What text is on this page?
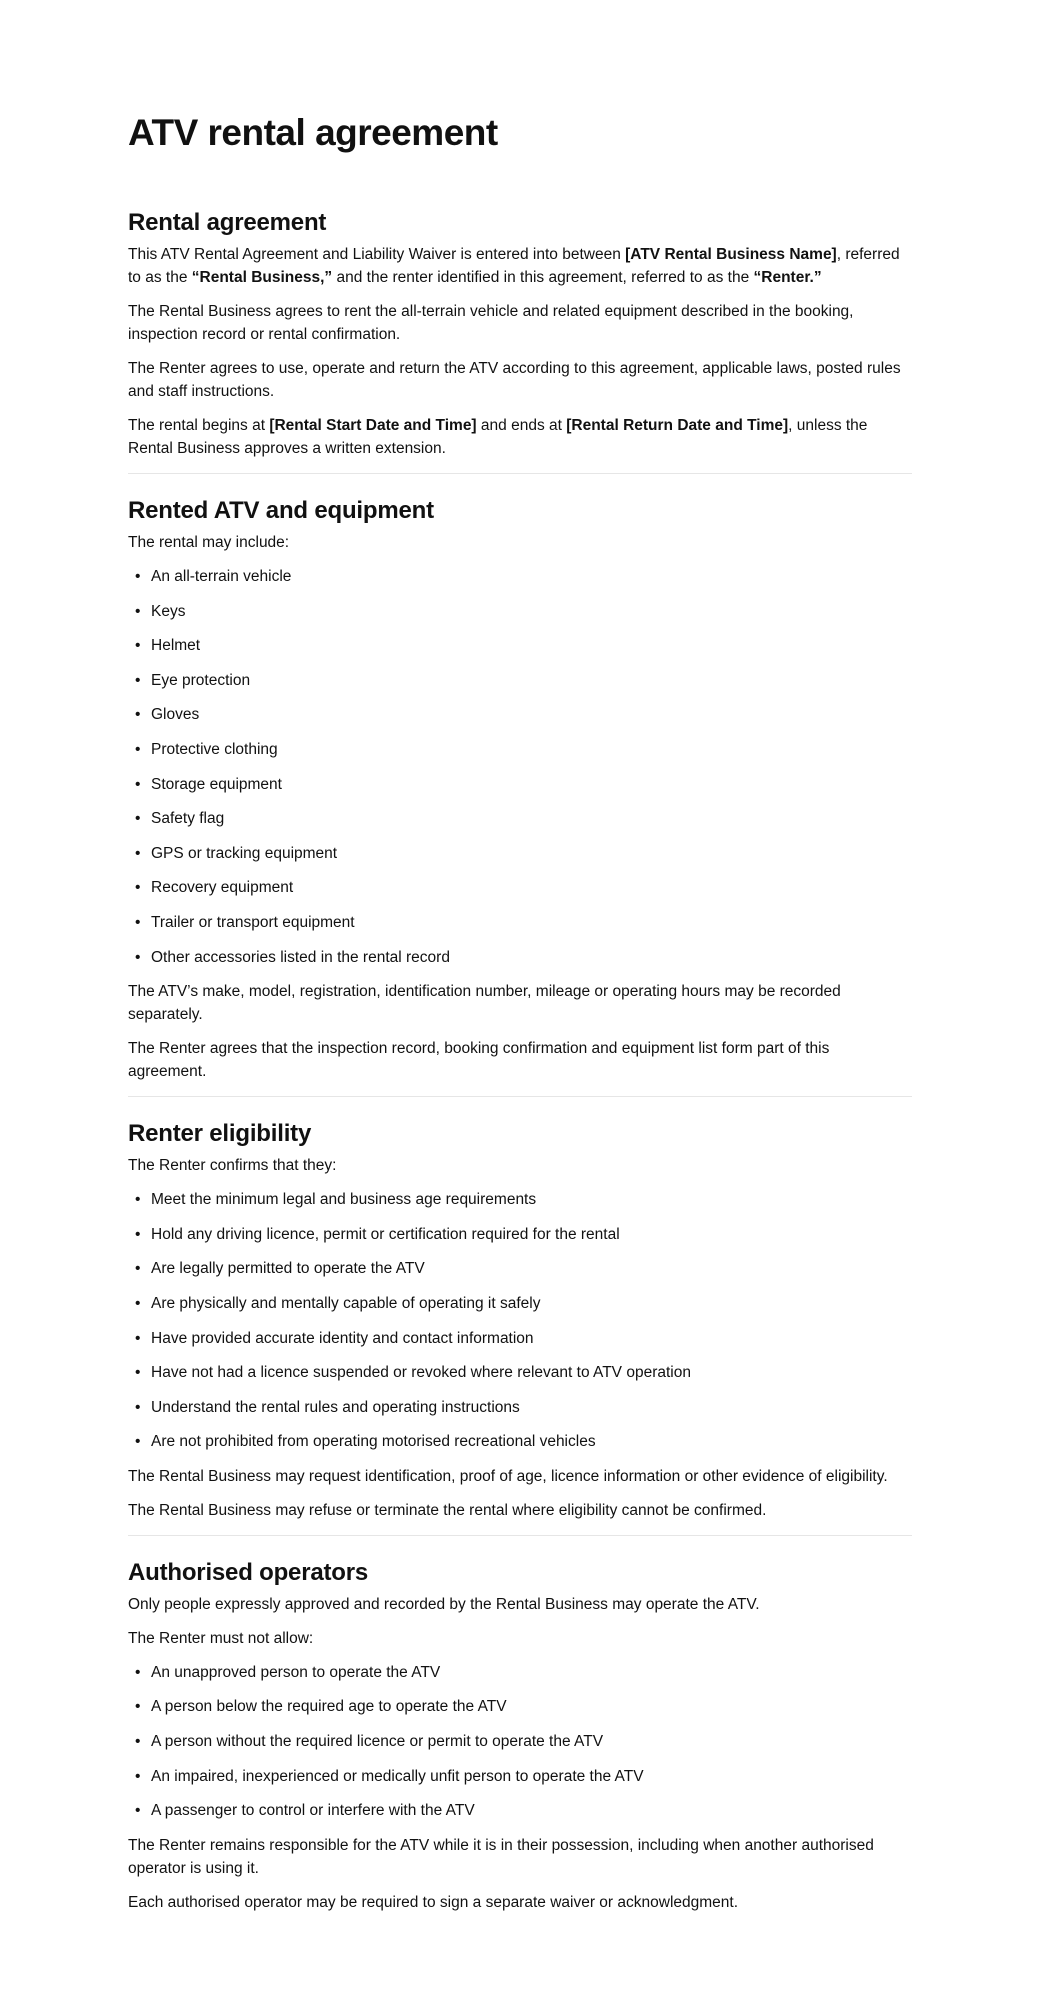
ATV rental agreement
Rental agreement

This ATV Rental Agreement and Liability Waiver is entered into between [ATV Rental Business Name], referred to as the “Rental Business,” and the renter identified in this agreement, referred to as the “Renter.”

The Rental Business agrees to rent the all-terrain vehicle and related equipment described in the booking, inspection record or rental confirmation.

The Renter agrees to use, operate and return the ATV according to this agreement, applicable laws, posted rules and staff instructions.

The rental begins at [Rental Start Date and Time] and ends at [Rental Return Date and Time], unless the Rental Business approves a written extension.

Rented ATV and equipment

The rental may include:

• An all-terrain vehicle
• Keys
• Helmet
• Eye protection
• Gloves
• Protective clothing
• Storage equipment
• Safety flag
• GPS or tracking equipment
• Recovery equipment
• Trailer or transport equipment
• Other accessories listed in the rental record

The ATV’s make, model, registration, identification number, mileage or operating hours may be recorded separately.

The Renter agrees that the inspection record, booking confirmation and equipment list form part of this agreement.

Renter eligibility

The Renter confirms that they:

• Meet the minimum legal and business age requirements
• Hold any driving licence, permit or certification required for the rental
• Are legally permitted to operate the ATV
• Are physically and mentally capable of operating it safely
• Have provided accurate identity and contact information
• Have not had a licence suspended or revoked where relevant to ATV operation
• Understand the rental rules and operating instructions
• Are not prohibited from operating motorised recreational vehicles

The Rental Business may request identification, proof of age, licence information or other evidence of eligibility.

The Rental Business may refuse or terminate the rental where eligibility cannot be confirmed.

Authorised operators

Only people expressly approved and recorded by the Rental Business may operate the ATV.

The Renter must not allow:

• An unapproved person to operate the ATV
• A person below the required age to operate the ATV
• A person without the required licence or permit to operate the ATV
• An impaired, inexperienced or medically unfit person to operate the ATV
• A passenger to control or interfere with the ATV

The Renter remains responsible for the ATV while it is in their possession, including when another authorised operator is using it.

Each authorised operator may be required to sign a separate waiver or acknowledgment.
